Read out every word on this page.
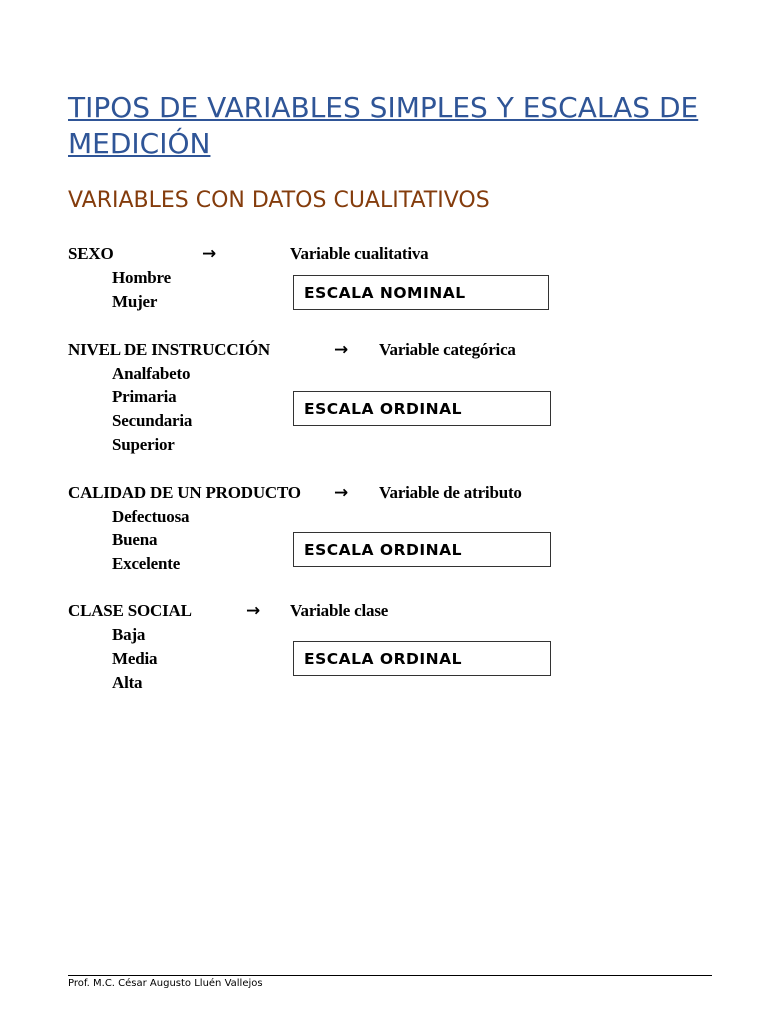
TIPOS DE VARIABLES SIMPLES Y ESCALAS DE MEDICIÓN
VARIABLES CON DATOS CUALITATIVOS
SEXO	→	Variable cualitativa
Hombre
Mujer	ESCALA NOMINAL
NIVEL DE INSTRUCCIÓN	→ Variable categórica
Analfabeto
Primaria
Secundaria
Superior
ESCALA ORDINAL
CALIDAD DE UN PRODUCTO → Variable de atributo
Defectuosa
Buena
Excelente
ESCALA ORDINAL
CLASE SOCIAL	→ Variable clase
Baja
Media
Alta
ESCALA ORDINAL
Prof. M.C. César Augusto Lluén Vallejos
